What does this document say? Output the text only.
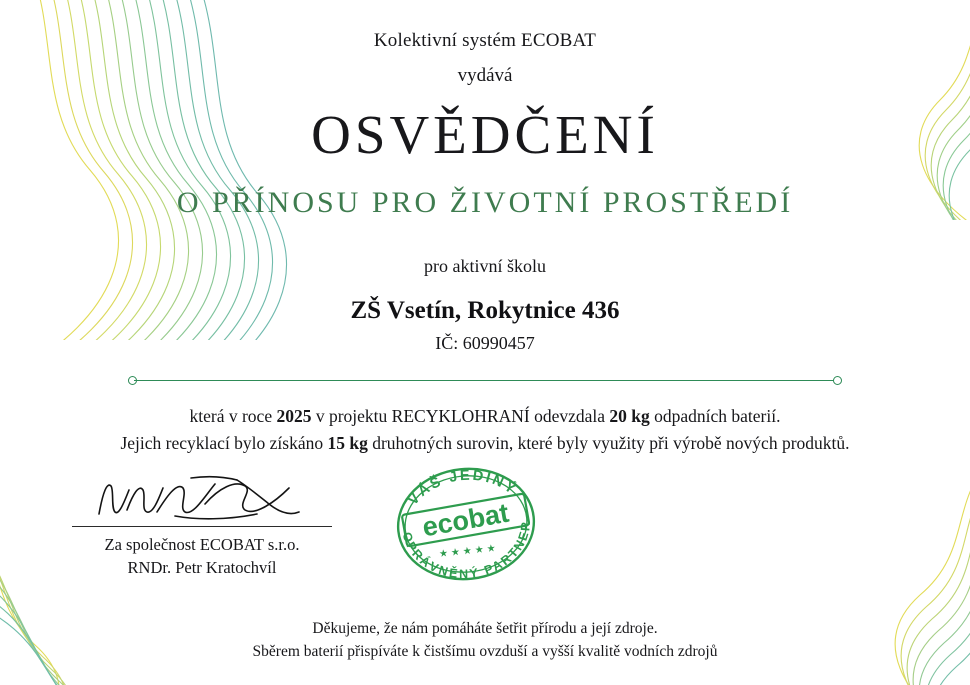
Kolektivní systém ECOBAT
vydává
OSVĚDČENÍ
O PŘÍNOSU PRO ŽIVOTNÍ PROSTŘEDÍ
pro aktivní školu
ZŠ Vsetín, Rokytnice 436
IČ: 60990457
která v roce 2025 v projektu RECYKLOHRANÍ odevzdala 20 kg odpadních baterií.
Jejich recyklací bylo získáno 15 kg druhotných surovin, které byly využity při výrobě nových produktů.
Za společnost ECOBAT s.r.o.
RNDr. Petr Kratochvíl
VÁŠ JEDINÝ
OPRÁVNĚNÝ PARTNER
ecobat
★★★★★
Děkujeme, že nám pomáháte šetřit přírodu a její zdroje.
Sběrem baterií přispíváte k čistšímu ovzduší a vyšší kvalitě vodních zdrojů
